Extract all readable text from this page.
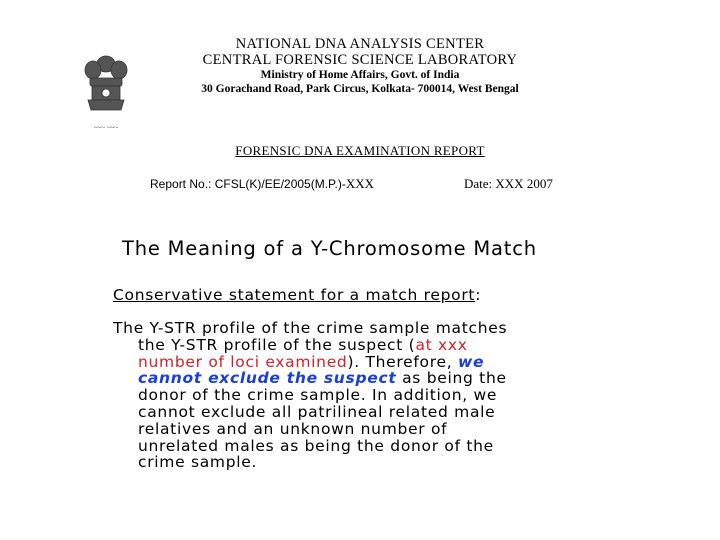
~~~ ~~~
NATIONAL DNA ANALYSIS CENTER
CENTRAL FORENSIC SCIENCE LABORATORY
Ministry of Home Affairs, Govt. of India
30 Gorachand Road, Park Circus, Kolkata- 700014, West Bengal
FORENSIC DNA EXAMINATION REPORT
Report No.: CFSL(K)/EE/2005(M.P.)-XXX	Date: XXX 2007
The Meaning of a Y-Chromosome Match
Conservative statement for a match report:
The Y-STR profile of the crime sample matches
the Y-STR profile of the suspect (at xxx
number of loci examined). Therefore, we
cannot exclude the suspect as being the
donor of the crime sample. In addition, we
cannot exclude all patrilineal related male
relatives and an unknown number of
unrelated males as being the donor of the
crime sample.
